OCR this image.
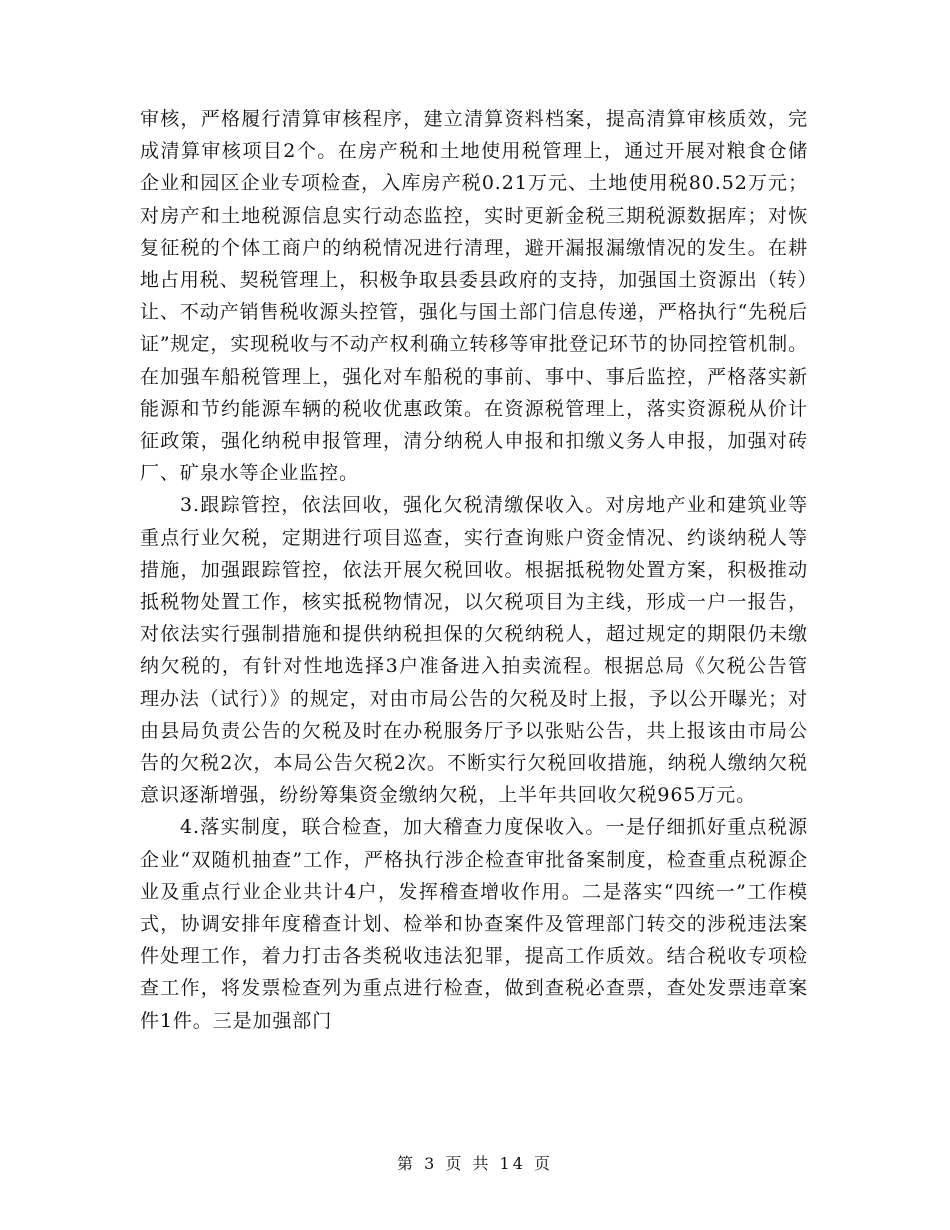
审核，严格履行清算审核程序，建立清算资料档案，提高清算审核质效，完成清算审核项目2个。在房产税和土地使用税管理上，通过开展对粮食仓储企业和园区企业专项检查，入库房产税0.21万元、土地使用税80.52万元；对房产和土地税源信息实行动态监控，实时更新金税三期税源数据库；对恢复征税的个体工商户的纳税情况进行清理，避开漏报漏缴情况的发生。在耕地占用税、契税管理上，积极争取县委县政府的支持，加强国土资源出（转）让、不动产销售税收源头控管，强化与国土部门信息传递，严格执行“先税后证”规定，实现税收与不动产权利确立转移等审批登记环节的协同控管机制。在加强车船税管理上，强化对车船税的事前、事中、事后监控，严格落实新能源和节约能源车辆的税收优惠政策。在资源税管理上，落实资源税从价计征政策，强化纳税申报管理，清分纳税人申报和扣缴义务人申报，加强对砖厂、矿泉水等企业监控。

3.跟踪管控，依法回收，强化欠税清缴保收入。对房地产业和建筑业等重点行业欠税，定期进行项目巡查，实行查询账户资金情况、约谈纳税人等措施，加强跟踪管控，依法开展欠税回收。根据抵税物处置方案，积极推动抵税物处置工作，核实抵税物情况，以欠税项目为主线，形成一户一报告，对依法实行强制措施和提供纳税担保的欠税纳税人，超过规定的期限仍未缴纳欠税的，有针对性地选择3户准备进入拍卖流程。根据总局《欠税公告管理办法（试行）》的规定，对由市局公告的欠税及时上报，予以公开曝光；对由县局负责公告的欠税及时在办税服务厅予以张贴公告，共上报该由市局公告的欠税2次，本局公告欠税2次。不断实行欠税回收措施，纳税人缴纳欠税意识逐渐增强，纷纷筹集资金缴纳欠税，上半年共回收欠税965万元。

4.落实制度，联合检查，加大稽查力度保收入。一是仔细抓好重点税源企业“双随机抽查”工作，严格执行涉企检查审批备案制度，检查重点税源企业及重点行业企业共计4户，发挥稽查增收作用。二是落实“四统一”工作模式，协调安排年度稽查计划、检举和协查案件及管理部门转交的涉税违法案件处理工作，着力打击各类税收违法犯罪，提高工作质效。结合税收专项检查工作，将发票检查列为重点进行检查，做到查税必查票，查处发票违章案件1件。三是加强部门

第 3 页 共 14 页
